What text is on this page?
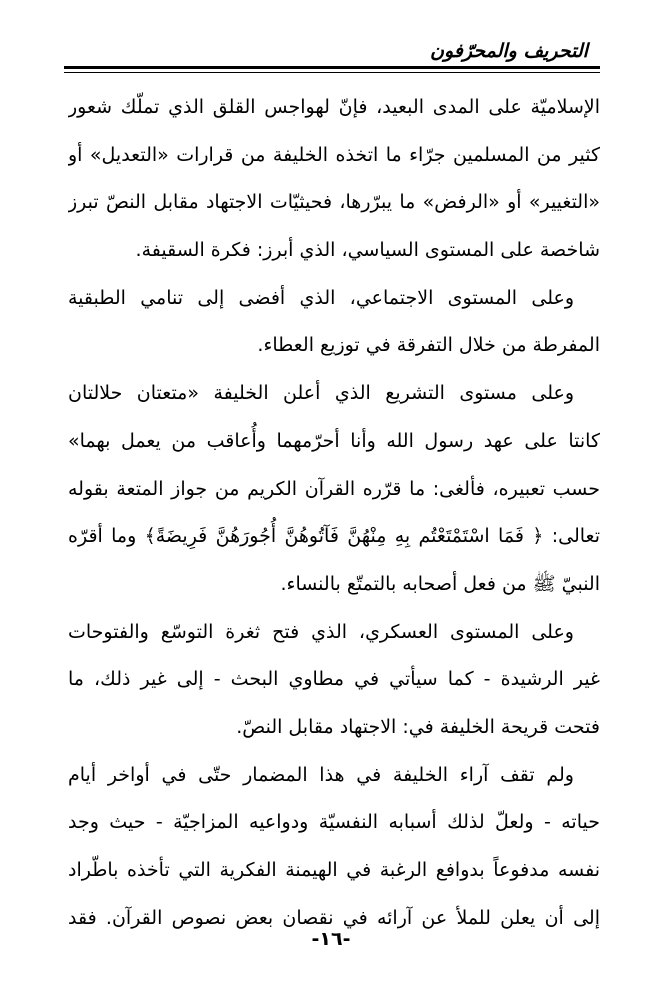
التحريف والمحرّفون
الإسلاميّة على المدى البعيد، فإنّ لهواجس القلق الذي تملّك شعور
كثير من المسلمين جرّاء ما اتخذه الخليفة من قرارات «التعديل» أو
«التغيير» أو «الرفض» ما يبرّرها، فحيثيّات الاجتهاد مقابل النصّ تبرز
شاخصة على المستوى السياسي، الذي أبرز: فكرة السقيفة.
وعلى المستوى الاجتماعي، الذي أفضى إلى تنامي الطبقية
المفرطة من خلال التفرقة في توزيع العطاء.
وعلى مستوى التشريع الذي أعلن الخليفة «متعتان حلالتان
كانتا على عهد رسول الله وأنا أحرّمهما وأُعاقب من يعمل بهما»
حسب تعبيره، فألغى: ما قرّره القرآن الكريم من جواز المتعة بقوله
تعالى: ﴿ فَمَا اسْتَمْتَعْتُم بِهِ مِنْهُنَّ فَآتُوهُنَّ أُجُورَهُنَّ فَرِيضَةً﴾ وما أقرّه
النبيّ ﷺ من فعل أصحابه بالتمتّع بالنساء.
وعلى المستوى العسكري، الذي فتح ثغرة التوسّع والفتوحات
غير الرشيدة - كما سيأتي في مطاوي البحث - إلى غير ذلك، ما
فتحت قريحة الخليفة في: الاجتهاد مقابل النصّ.
ولم تقف آراء الخليفة في هذا المضمار حتّى في أواخر أيام
حياته - ولعلّ لذلك أسبابه النفسيّة ودواعيه المزاجيّة - حيث وجد
نفسه مدفوعاً بدوافع الرغبة في الهيمنة الفكرية التي تأخذه باطّراد
إلى أن يعلن للملأ عن آرائه في نقصان بعض نصوص القرآن. فقد
-١٦-
